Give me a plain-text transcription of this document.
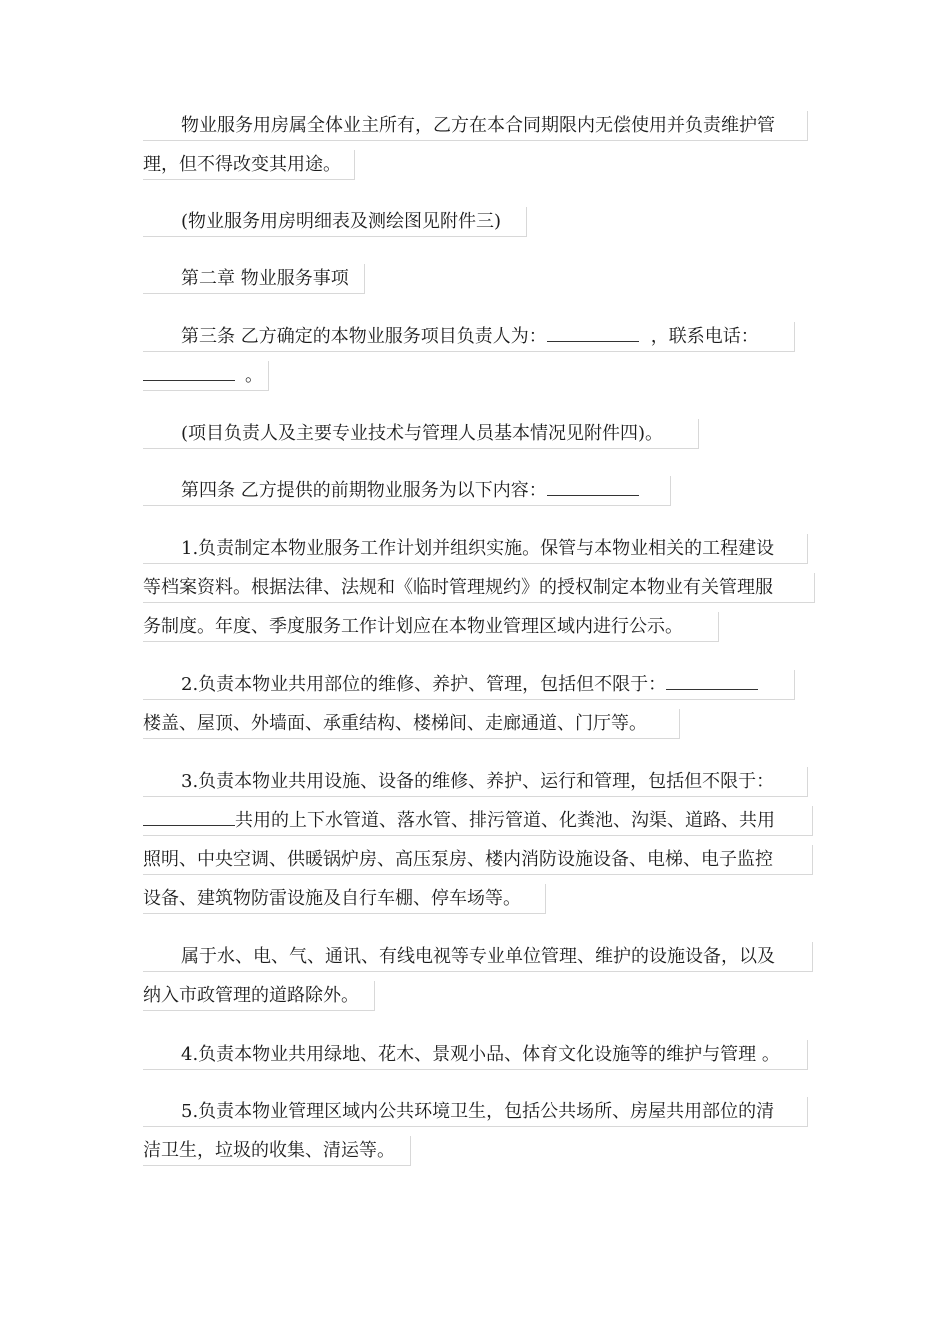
物业服务用房属全体业主所有，乙方在本合同期限内无偿使用并负责维护管
理，但不得改变其用途。
(物业服务用房明细表及测绘图见附件三)
第二章 物业服务事项
第三条 乙方确定的本物业服务项目负责人为：	，联系电话：
。
(项目负责人及主要专业技术与管理人员基本情况见附件四)。
第四条 乙方提供的前期物业服务为以下内容：
1.负责制定本物业服务工作计划并组织实施。保管与本物业相关的工程建设
等档案资料。根据法律、法规和《临时管理规约》的授权制定本物业有关管理服
务制度。年度、季度服务工作计划应在本物业管理区域内进行公示。
2.负责本物业共用部位的维修、养护、管理，包括但不限于：
楼盖、屋顶、外墙面、承重结构、楼梯间、走廊通道、门厅等。
3.负责本物业共用设施、设备的维修、养护、运行和管理，包括但不限于：
共用的上下水管道、落水管、排污管道、化粪池、沟渠、道路、共用
照明、中央空调、供暖锅炉房、高压泵房、楼内消防设施设备、电梯、电子监控
设备、建筑物防雷设施及自行车棚、停车场等。
属于水、电、气、通讯、有线电视等专业单位管理、维护的设施设备，以及
纳入市政管理的道路除外。
4.负责本物业共用绿地、花木、景观小品、体育文化设施等的维护与管理 。
5.负责本物业管理区域内公共环境卫生，包括公共场所、房屋共用部位的清
洁卫生，垃圾的收集、清运等。
